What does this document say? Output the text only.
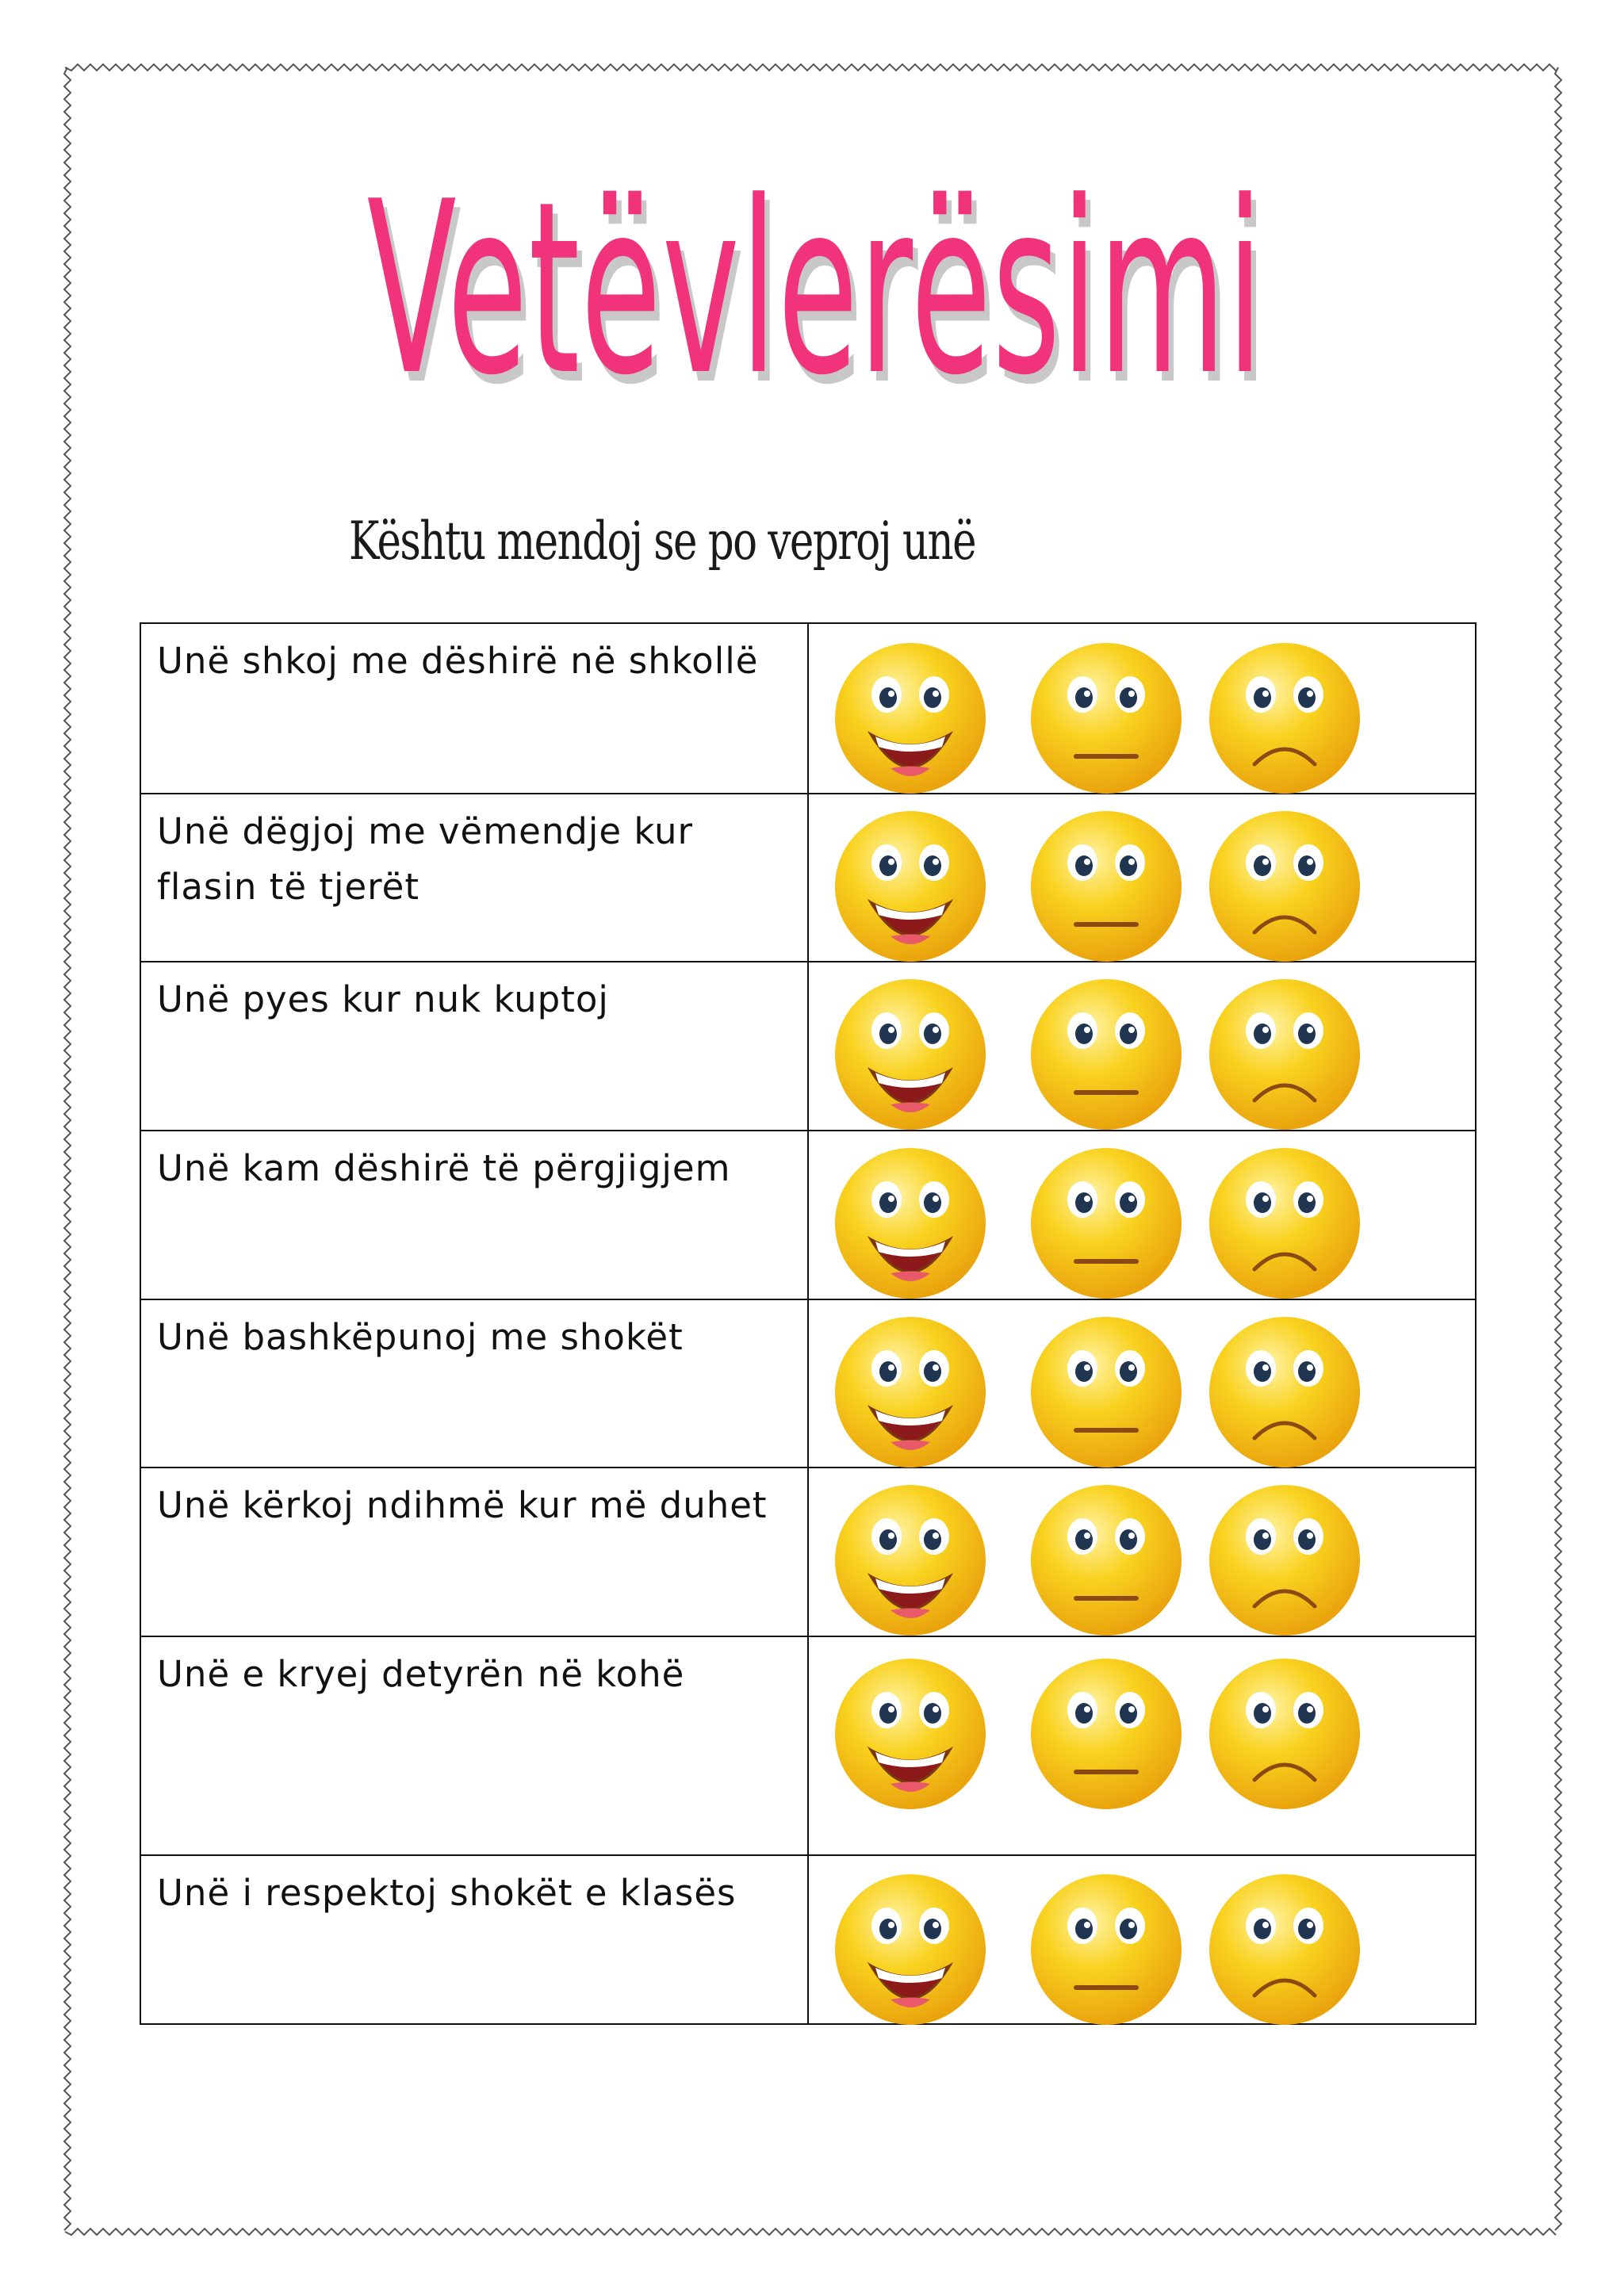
Vetëvlerësimi
Kështu mendoj se po veproj unë
Unë shkoj me dëshirë në shkollë

Unë dëgjoj me vëmendje kur flasin të tjerët

Unë pyes kur nuk kuptoj

Unë kam dëshirë të përgjigjem

Unë bashkëpunoj me shokët

Unë kërkoj ndihmë kur më duhet

Unë e kryej detyrën në kohë

Unë i respektoj shokët e klasës
